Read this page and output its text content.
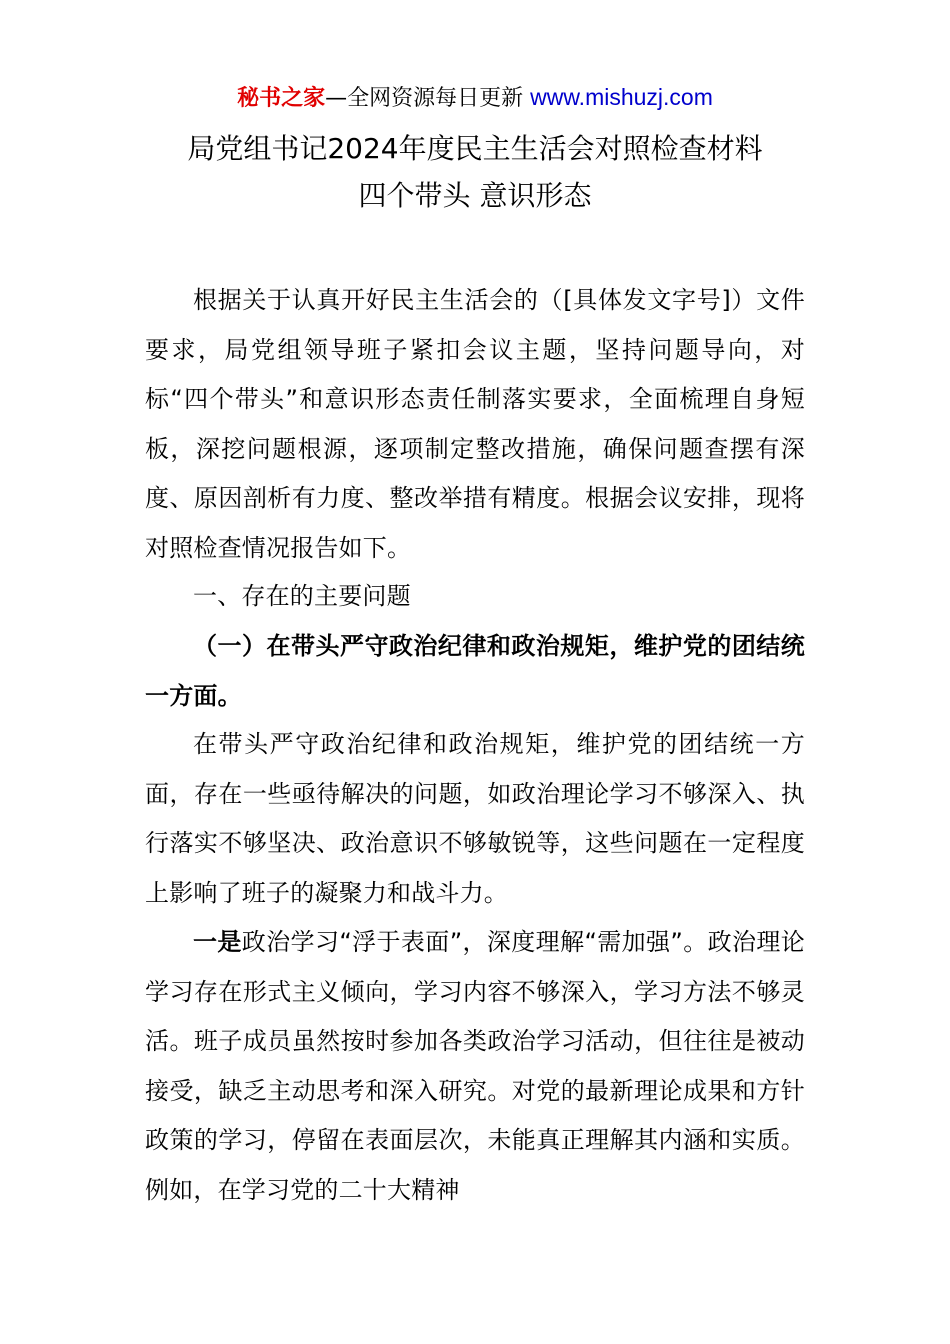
秘书之家—全网资源每日更新 www.mishuzj.com
局党组书记2024年度民主生活会对照检查材料
四个带头 意识形态

根据关于认真开好民主生活会的（[具体发文字号]）文件要求，局党组领导班子紧扣会议主题，坚持问题导向，对标“四个带头”和意识形态责任制落实要求，全面梳理自身短板，深挖问题根源，逐项制定整改措施，确保问题查摆有深度、原因剖析有力度、整改举措有精度。根据会议安排，现将对照检查情况报告如下。

一、存在的主要问题

（一）在带头严守政治纪律和政治规矩，维护党的团结统一方面。

在带头严守政治纪律和政治规矩，维护党的团结统一方面，存在一些亟待解决的问题，如政治理论学习不够深入、执行落实不够坚决、政治意识不够敏锐等，这些问题在一定程度上影响了班子的凝聚力和战斗力。

一是政治学习“浮于表面”，深度理解“需加强”。政治理论学习存在形式主义倾向，学习内容不够深入，学习方法不够灵活。班子成员虽然按时参加各类政治学习活动，但往往是被动接受，缺乏主动思考和深入研究。对党的最新理论成果和方针政策的学习，停留在表面层次，未能真正理解其内涵和实质。例如，在学习党的二十大精神
